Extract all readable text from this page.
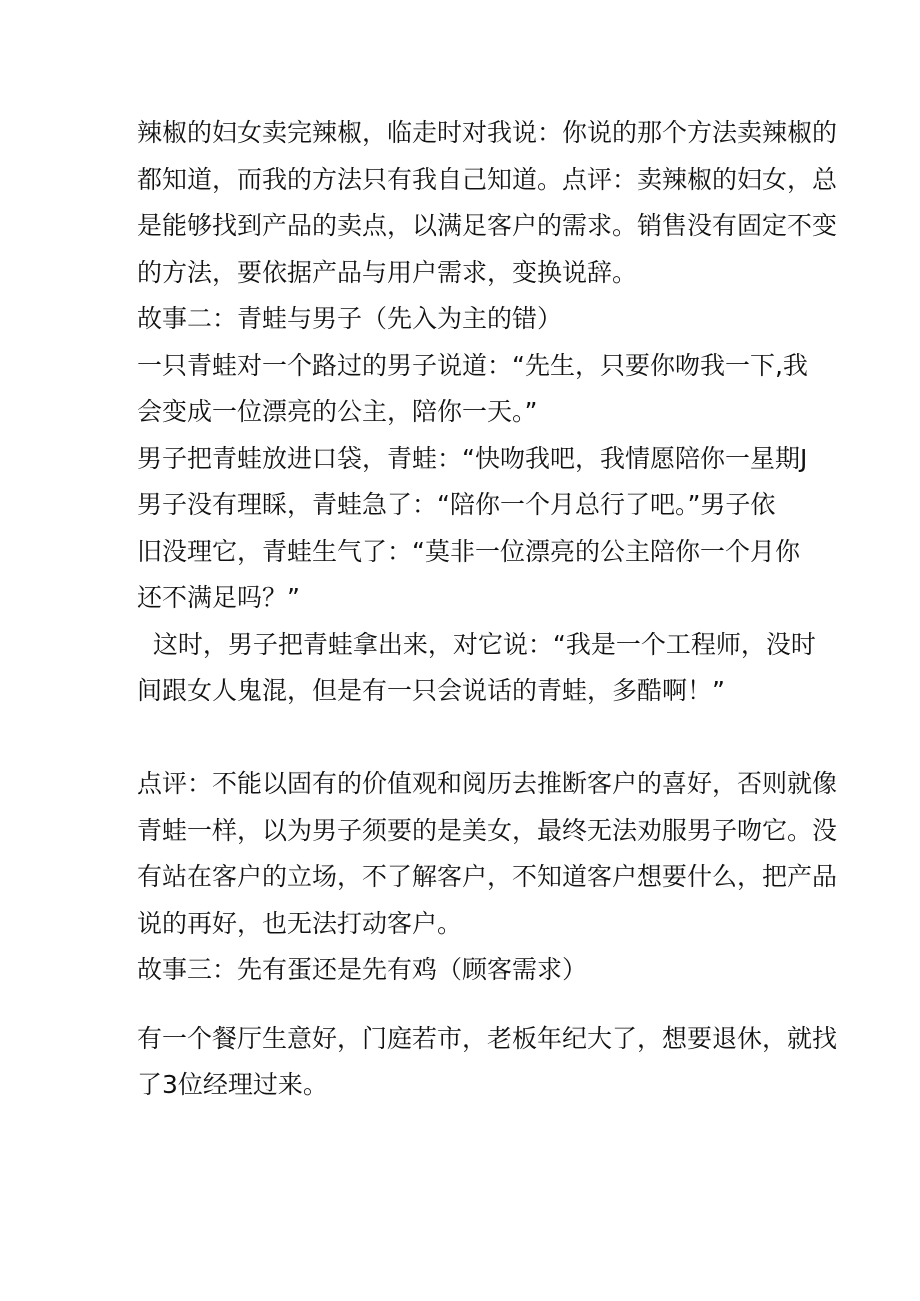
辣椒的妇女卖完辣椒，临走时对我说：你说的那个方法卖辣椒的
都知道，而我的方法只有我自己知道。点评：卖辣椒的妇女，总
是能够找到产品的卖点，以满足客户的需求。销售没有固定不变
的方法，要依据产品与用户需求，变换说辞。
故事二：青蛙与男子（先入为主的错）
一只青蛙对一个路过的男子说道：“先生，只要你吻我一下,我
会变成一位漂亮的公主，陪你一天。”
男子把青蛙放进口袋，青蛙：“快吻我吧，我情愿陪你一星期J
男子没有理睬，青蛙急了：“陪你一个月总行了吧。”男子依
旧没理它，青蛙生气了：“莫非一位漂亮的公主陪你一个月你
还不满足吗？”
这时，男子把青蛙拿出来，对它说：“我是一个工程师，没时
间跟女人鬼混，但是有一只会说话的青蛙，多酷啊！”
点评：不能以固有的价值观和阅历去推断客户的喜好，否则就像
青蛙一样，以为男子须要的是美女，最终无法劝服男子吻它。没
有站在客户的立场，不了解客户，不知道客户想要什么，把产品
说的再好，也无法打动客户。
故事三：先有蛋还是先有鸡（顾客需求）
有一个餐厅生意好，门庭若市，老板年纪大了，想要退休，就找
了3位经理过来。
